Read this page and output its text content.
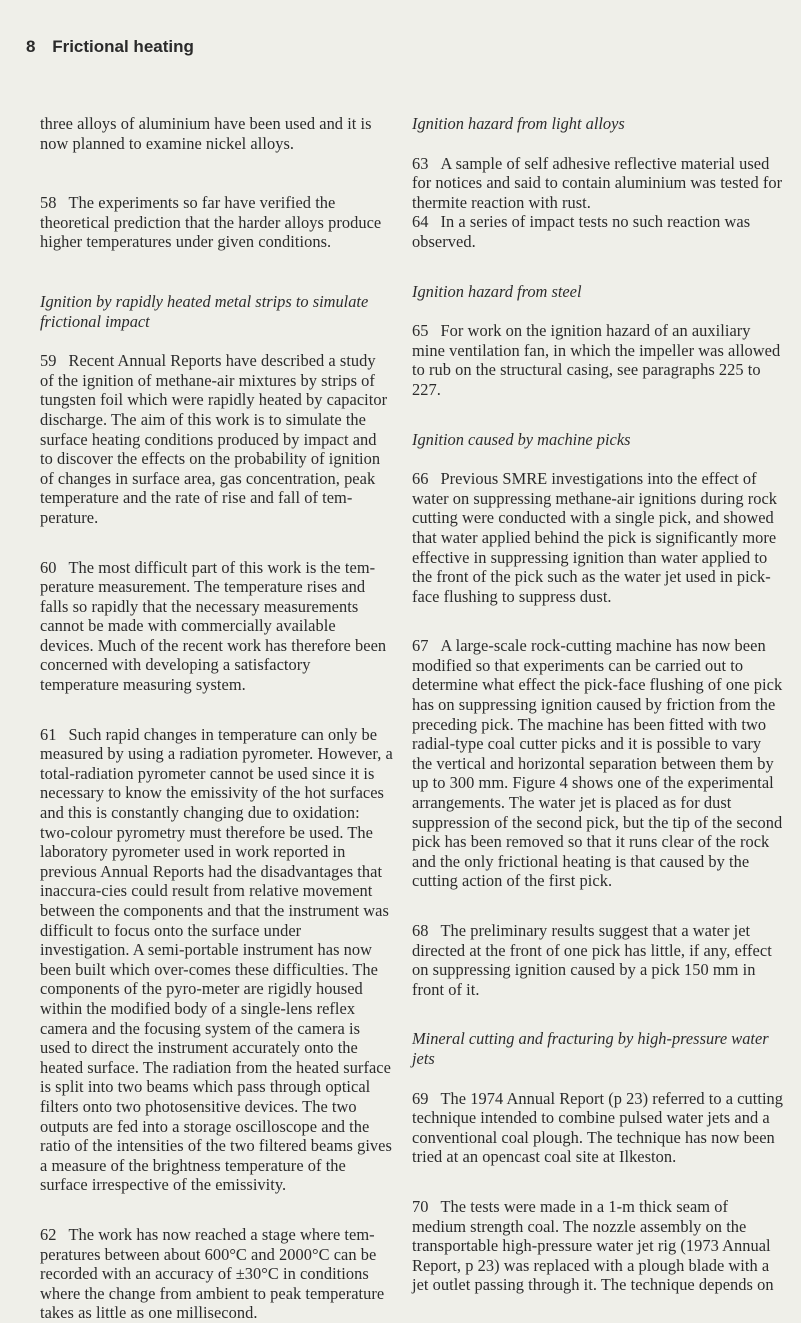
8 Frictional heating

three alloys of aluminium have been used and it is now planned to examine nickel alloys.

58 The experiments so far have verified the theoretical prediction that the harder alloys produce higher temperatures under given conditions.

Ignition by rapidly heated metal strips to simulate frictional impact

59 Recent Annual Reports have described a study of the ignition of methane-air mixtures by strips of tungsten foil which were rapidly heated by capacitor discharge. The aim of this work is to simulate the surface heating conditions produced by impact and to discover the effects on the probability of ignition of changes in surface area, gas concentration, peak temperature and the rate of rise and fall of tem-perature.

60 The most difficult part of this work is the tem-perature measurement. The temperature rises and falls so rapidly that the necessary measurements cannot be made with commercially available devices. Much of the recent work has therefore been concerned with developing a satisfactory temperature measuring system.

61 Such rapid changes in temperature can only be measured by using a radiation pyrometer. However, a total-radiation pyrometer cannot be used since it is necessary to know the emissivity of the hot surfaces and this is constantly changing due to oxidation: two-colour pyrometry must therefore be used. The laboratory pyrometer used in work reported in previous Annual Reports had the disadvantages that inaccura-cies could result from relative movement between the components and that the instrument was difficult to focus onto the surface under investigation. A semi-portable instrument has now been built which over-comes these difficulties. The components of the pyro-meter are rigidly housed within the modified body of a single-lens reflex camera and the focusing system of the camera is used to direct the instrument accurately onto the heated surface. The radiation from the heated surface is split into two beams which pass through optical filters onto two photosensitive devices. The two outputs are fed into a storage oscilloscope and the ratio of the intensities of the two filtered beams gives a measure of the brightness temperature of the surface irrespective of the emissivity.

62 The work has now reached a stage where tem-peratures between about 600°C and 2000°C can be recorded with an accuracy of ±30°C in conditions where the change from ambient to peak temperature takes as little as one millisecond.

Ignition hazard from light alloys

63 A sample of self adhesive reflective material used for notices and said to contain aluminium was tested for thermite reaction with rust.

64 In a series of impact tests no such reaction was observed.

Ignition hazard from steel

65 For work on the ignition hazard of an auxiliary mine ventilation fan, in which the impeller was allowed to rub on the structural casing, see paragraphs 225 to 227.

Ignition caused by machine picks

66 Previous SMRE investigations into the effect of water on suppressing methane-air ignitions during rock cutting were conducted with a single pick, and showed that water applied behind the pick is significantly more effective in suppressing ignition than water applied to the front of the pick such as the water jet used in pick-face flushing to suppress dust.

67 A large-scale rock-cutting machine has now been modified so that experiments can be carried out to determine what effect the pick-face flushing of one pick has on suppressing ignition caused by friction from the preceding pick. The machine has been fitted with two radial-type coal cutter picks and it is possible to vary the vertical and horizontal separation between them by up to 300 mm. Figure 4 shows one of the experimental arrangements. The water jet is placed as for dust suppression of the second pick, but the tip of the second pick has been removed so that it runs clear of the rock and the only frictional heating is that caused by the cutting action of the first pick.

68 The preliminary results suggest that a water jet directed at the front of one pick has little, if any, effect on suppressing ignition caused by a pick 150 mm in front of it.

Mineral cutting and fracturing by high-pressure water jets

69 The 1974 Annual Report (p 23) referred to a cutting technique intended to combine pulsed water jets and a conventional coal plough. The technique has now been tried at an opencast coal site at Ilkeston.

70 The tests were made in a 1-m thick seam of medium strength coal. The nozzle assembly on the transportable high-pressure water jet rig (1973 Annual Report, p 23) was replaced with a plough blade with a jet outlet passing through it. The technique depends on
